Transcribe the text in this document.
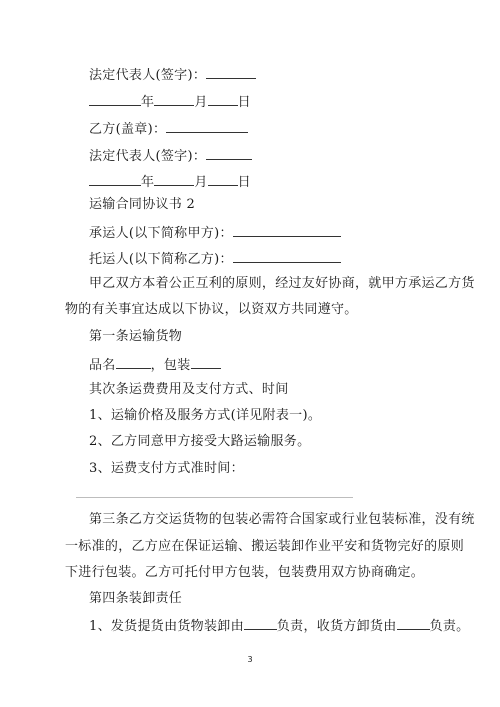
法定代表人(签字)：
年	月 日
乙方(盖章)：
法定代表人(签字)：
年	月 日
运输合同协议书 2
承运人(以下简称甲方)：
托运人(以下简称乙方)：
甲乙双方本着公正互利的原则，经过友好协商，就甲方承运乙方货
物的有关事宜达成以下协议，以资双方共同遵守。
第一条运输货物
品名	，包装
其次条运费费用及支付方式、时间
1、运输价格及服务方式(详见附表一)。
2、乙方同意甲方接受大路运输服务。
3、运费支付方式准时间：
第三条乙方交运货物的包装必需符合国家或行业包装标准，没有统
一标准的，乙方应在保证运输、搬运装卸作业平安和货物完好的原则
下进行包装。乙方可托付甲方包装，包装费用双方协商确定。
第四条装卸责任
1、发货提货由货物装卸由	负责，收货方卸货由	负责。
3
